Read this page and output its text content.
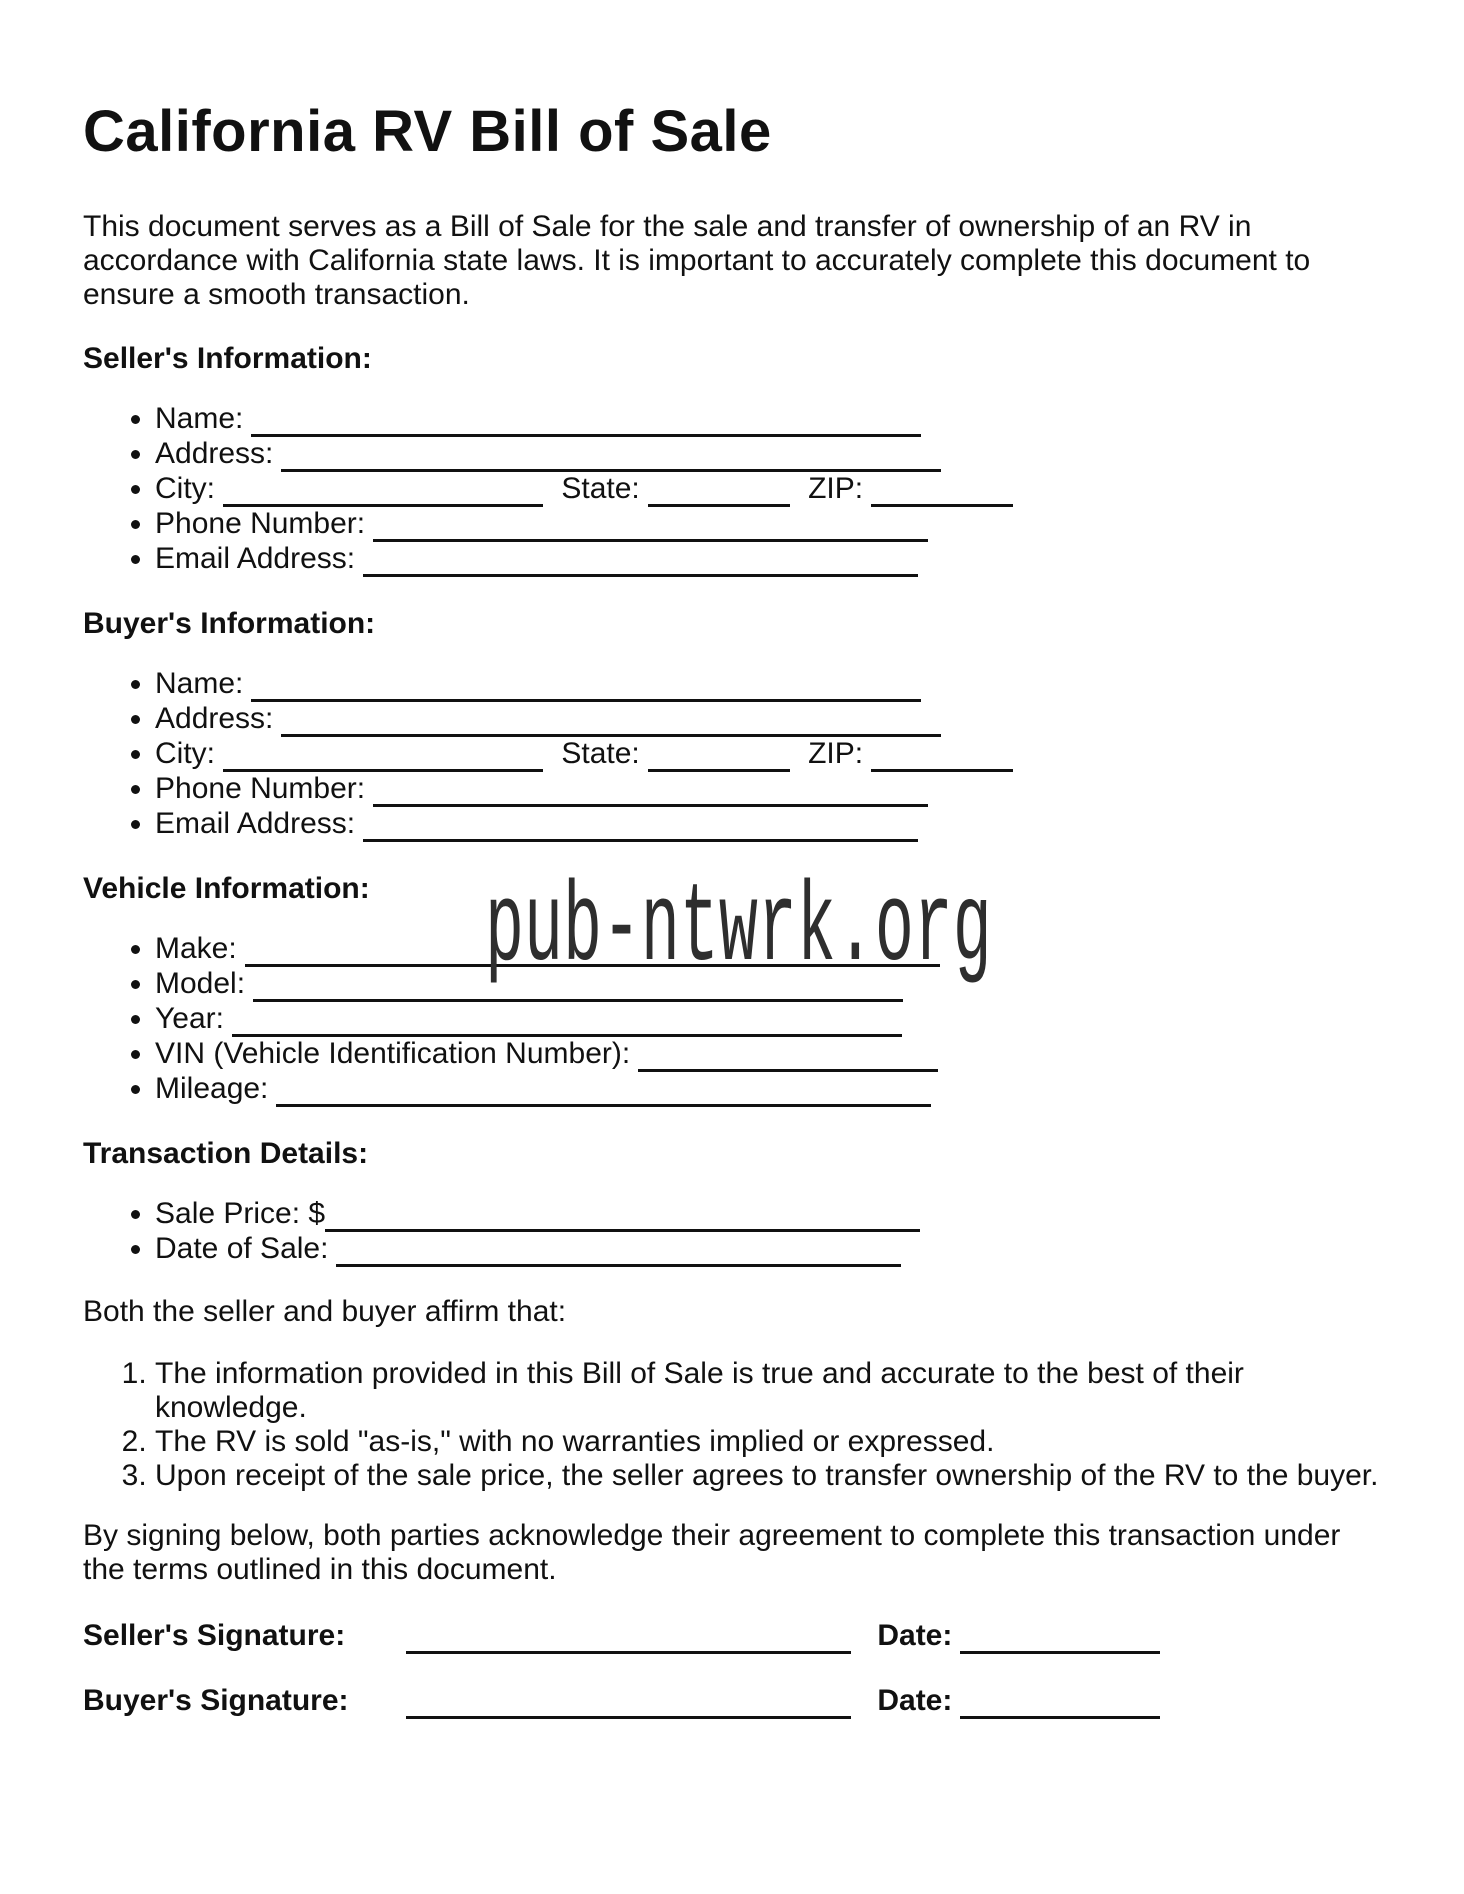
California RV Bill of Sale

This document serves as a Bill of Sale for the sale and transfer of ownership of an RV in accordance with California state laws. It is important to accurately complete this document to ensure a smooth transaction.

Seller's Information:
• Name:
• Address:
• City:	State:	ZIP:
• Phone Number:
• Email Address:
Buyer's Information:
• Name:
• Address:
• City:	State:	ZIP:
• Phone Number:
• Email Address:
Vehicle Information:
• Make: pub-ntwrk.org
• Model:
• Year:
• VIN (Vehicle Identification Number):
• Mileage:
Transaction Details:
• Sale Price: $
• Date of Sale:

Both the seller and buyer affirm that:

1. The information provided in this Bill of Sale is true and accurate to the best of their knowledge.
2. The RV is sold "as-is," with no warranties implied or expressed.
3. Upon receipt of the sale price, the seller agrees to transfer ownership of the RV to the buyer.

By signing below, both parties acknowledge their agreement to complete this transaction under the terms outlined in this document.

Seller's Signature:	Date:
Buyer's Signature:	Date:
